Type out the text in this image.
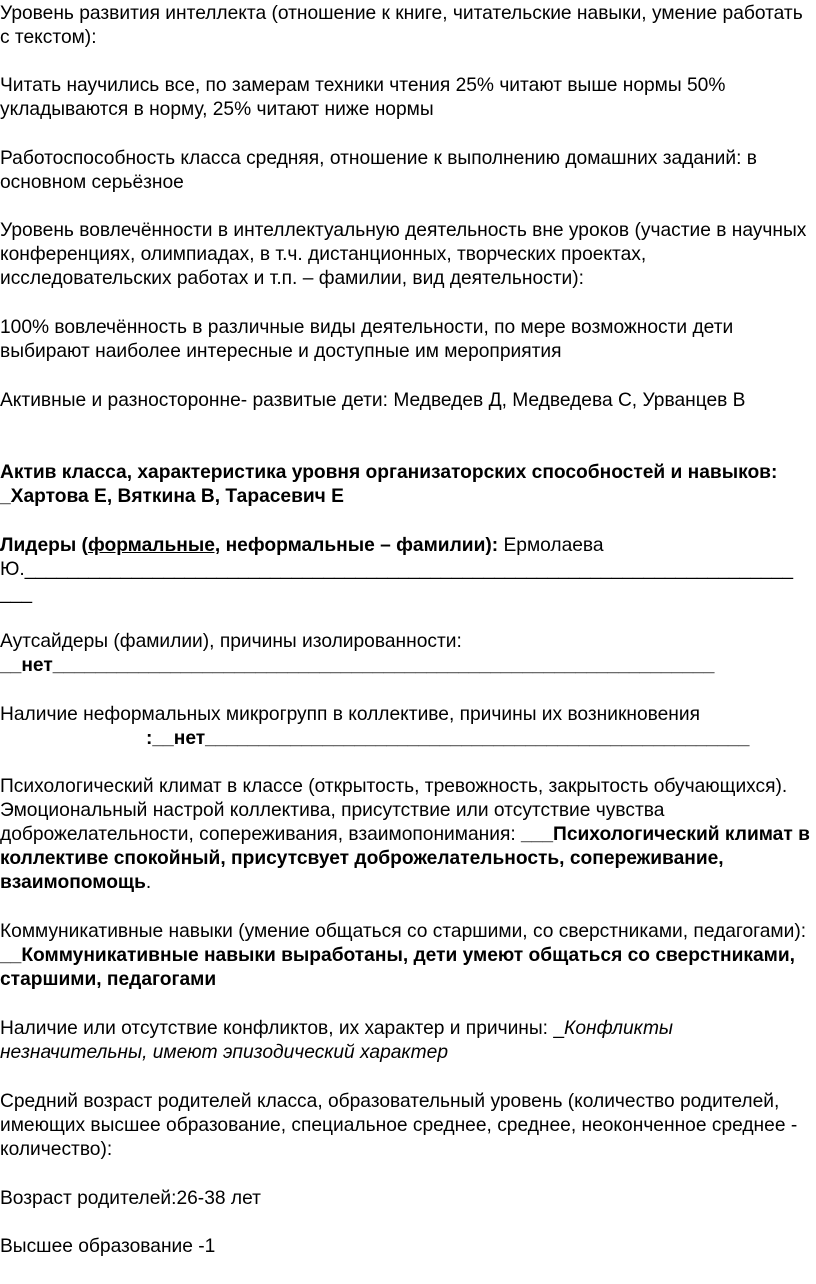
Уровень развития интеллекта (отношение к книге, читательские навыки, умение работать с текстом):

Читать научились все, по замерам техники чтения 25% читают выше нормы 50% укладываются в норму, 25% читают ниже нормы

Работоспособность класса средняя, отношение к выполнению домашних заданий: в основном серьёзное

Уровень вовлечённости в интеллектуальную деятельность вне уроков (участие в научных конференциях, олимпиадах, в т.ч. дистанционных, творческих проектах, исследовательских работах и т.п. – фамилии, вид деятельности):

100% вовлечённость в различные виды деятельности, по мере возможности дети выбирают наиболее интересные и доступные им мероприятия

Активные и разносторонне- развитые дети: Медведев Д, Медведева С, Урванцев В

Актив класса, характеристика уровня организаторских способностей и навыков: _Хартова Е, Вяткина В, Тарасевич Е

Лидеры (формальные, неформальные – фамилии): Ермолаева

Ю.________________________________________________________________________

___

Аутсайдеры (фамилии), причины изолированности:

__нет______________________________________________________________

Наличие неформальных микрогрупп в коллективе, причины их возникновения

:__нет___________________________________________________

Психологический климат в классе (открытость, тревожность, закрытость обучающихся). Эмоциональный настрой коллектива, присутствие или отсутствие чувства доброжелательности, сопереживания, взаимопонимания: ___Психологический климат в коллективе спокойный, присутсвует доброжелательность, сопереживание, взаимопомощь.

Коммуникативные навыки (умение общаться со старшими, со сверстниками, педагогами): __Коммуникативные навыки выработаны, дети умеют общаться со сверстниками, старшими, педагогами

Наличие или отсутствие конфликтов, их характер и причины: _Конфликты незначительны, имеют эпизодический характер

Средний возраст родителей класса, образовательный уровень (количество родителей, имеющих высшее образование, специальное среднее, среднее, неоконченное среднее - количество):

Возраст родителей:26-38 лет

Высшее образование -1
